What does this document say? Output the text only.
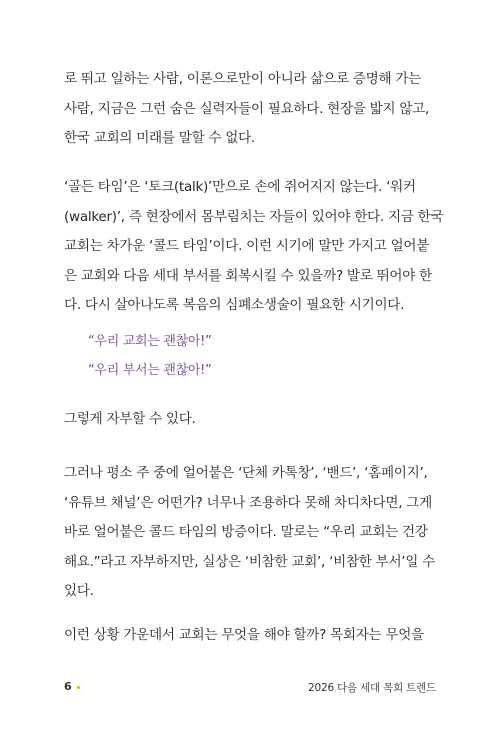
로 뛰고 일하는 사람, 이론으로만이 아니라 삶으로 증명해 가는
사람, 지금은 그런 숨은 실력자들이 필요하다. 현장을 밟지 않고,
한국 교회의 미래를 말할 수 없다.

‘골든 타임’은 ‘토크(talk)’만으로 손에 쥐어지지 않는다. ‘워커
(walker)’, 즉 현장에서 몸부림치는 자들이 있어야 한다. 지금 한국
교회는 차가운 ‘콜드 타임’이다. 이런 시기에 말만 가지고 얼어붙
은 교회와 다음 세대 부서를 회복시킬 수 있을까? 발로 뛰어야 한
다. 다시 살아나도록 복음의 심폐소생술이 필요한 시기이다.

“우리 교회는 괜찮아!”
“우리 부서는 괜찮아!”

그렇게 자부할 수 있다.

그러나 평소 주 중에 얼어붙은 ‘단체 카톡창’, ‘밴드’, ‘홈페이지’,
‘유튜브 채널’은 어떤가? 너무나 조용하다 못해 차디차다면, 그게
바로 얼어붙은 콜드 타임의 방증이다. 말로는 “우리 교회는 건강
해요.”라고 자부하지만, 실상은 ‘비참한 교회’, ‘비참한 부서’일 수
있다.

이런 상황 가운데서 교회는 무엇을 해야 할까? 목회자는 무엇을

6	2026 다음 세대 목회 트렌드
